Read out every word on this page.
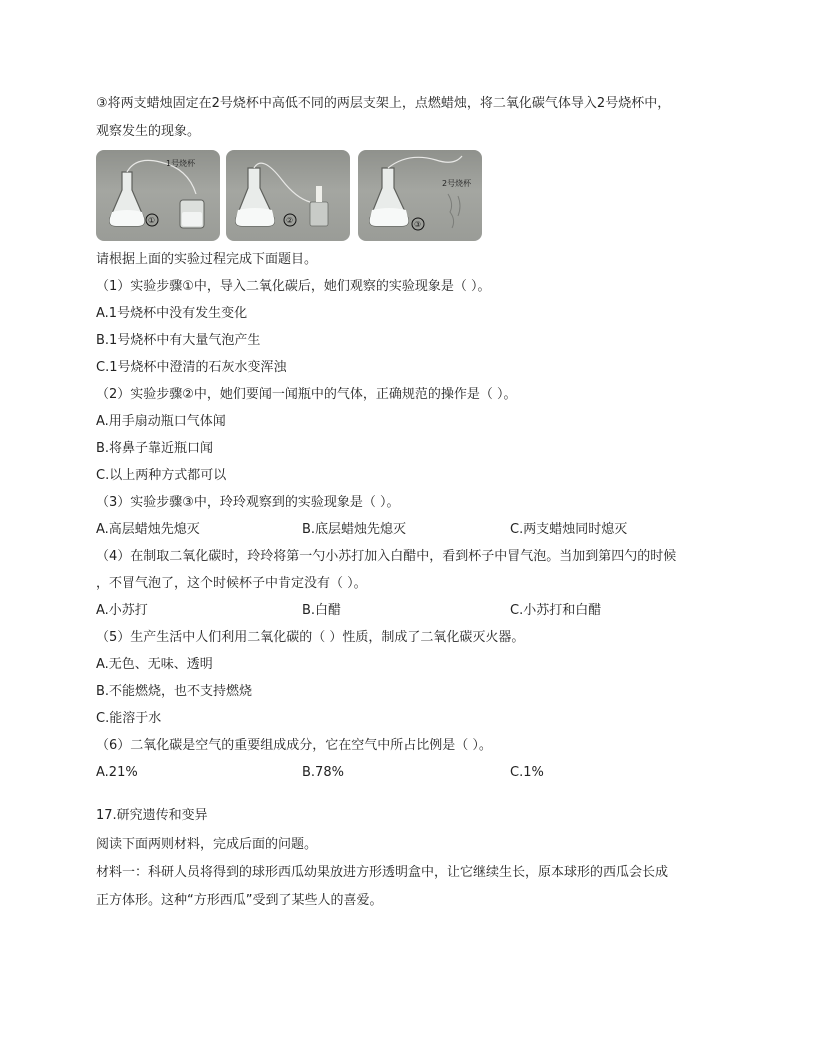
③将两支蜡烛固定在2号烧杯中高低不同的两层支架上，点燃蜡烛，将二氧化碳气体导入2号烧杯中，
观察发生的现象。
1号烧杯
①	②
2号烧杯
③
请根据上面的实验过程完成下面题目。
（1）实验步骤①中，导入二氧化碳后，她们观察的实验现象是（ ）。
A.1号烧杯中没有发生变化
B.1号烧杯中有大量气泡产生
C.1号烧杯中澄清的石灰水变浑浊
（2）实验步骤②中，她们要闻一闻瓶中的气体，正确规范的操作是（ ）。
A.用手扇动瓶口气体闻
B.将鼻子靠近瓶口闻
C.以上两种方式都可以
（3）实验步骤③中，玲玲观察到的实验现象是（ ）。
A.高层蜡烛先熄灭	B.底层蜡烛先熄灭	C.两支蜡烛同时熄灭
（4）在制取二氧化碳时，玲玲将第一勺小苏打加入白醋中，看到杯子中冒气泡。当加到第四勺的时候
，不冒气泡了，这个时候杯子中肯定没有（ ）。
A.小苏打	B.白醋	C.小苏打和白醋
（5）生产生活中人们利用二氧化碳的（ ）性质，制成了二氧化碳灭火器。
A.无色、无味、透明
B.不能燃烧，也不支持燃烧
C.能溶于水
（6）二氧化碳是空气的重要组成成分，它在空气中所占比例是（ ）。
A.21%	B.78%	C.1%
17.研究遗传和变异
阅读下面两则材料，完成后面的问题。
材料一：科研人员将得到的球形西瓜幼果放进方形透明盒中，让它继续生长，原本球形的西瓜会长成
正方体形。这种“方形西瓜”受到了某些人的喜爱。
